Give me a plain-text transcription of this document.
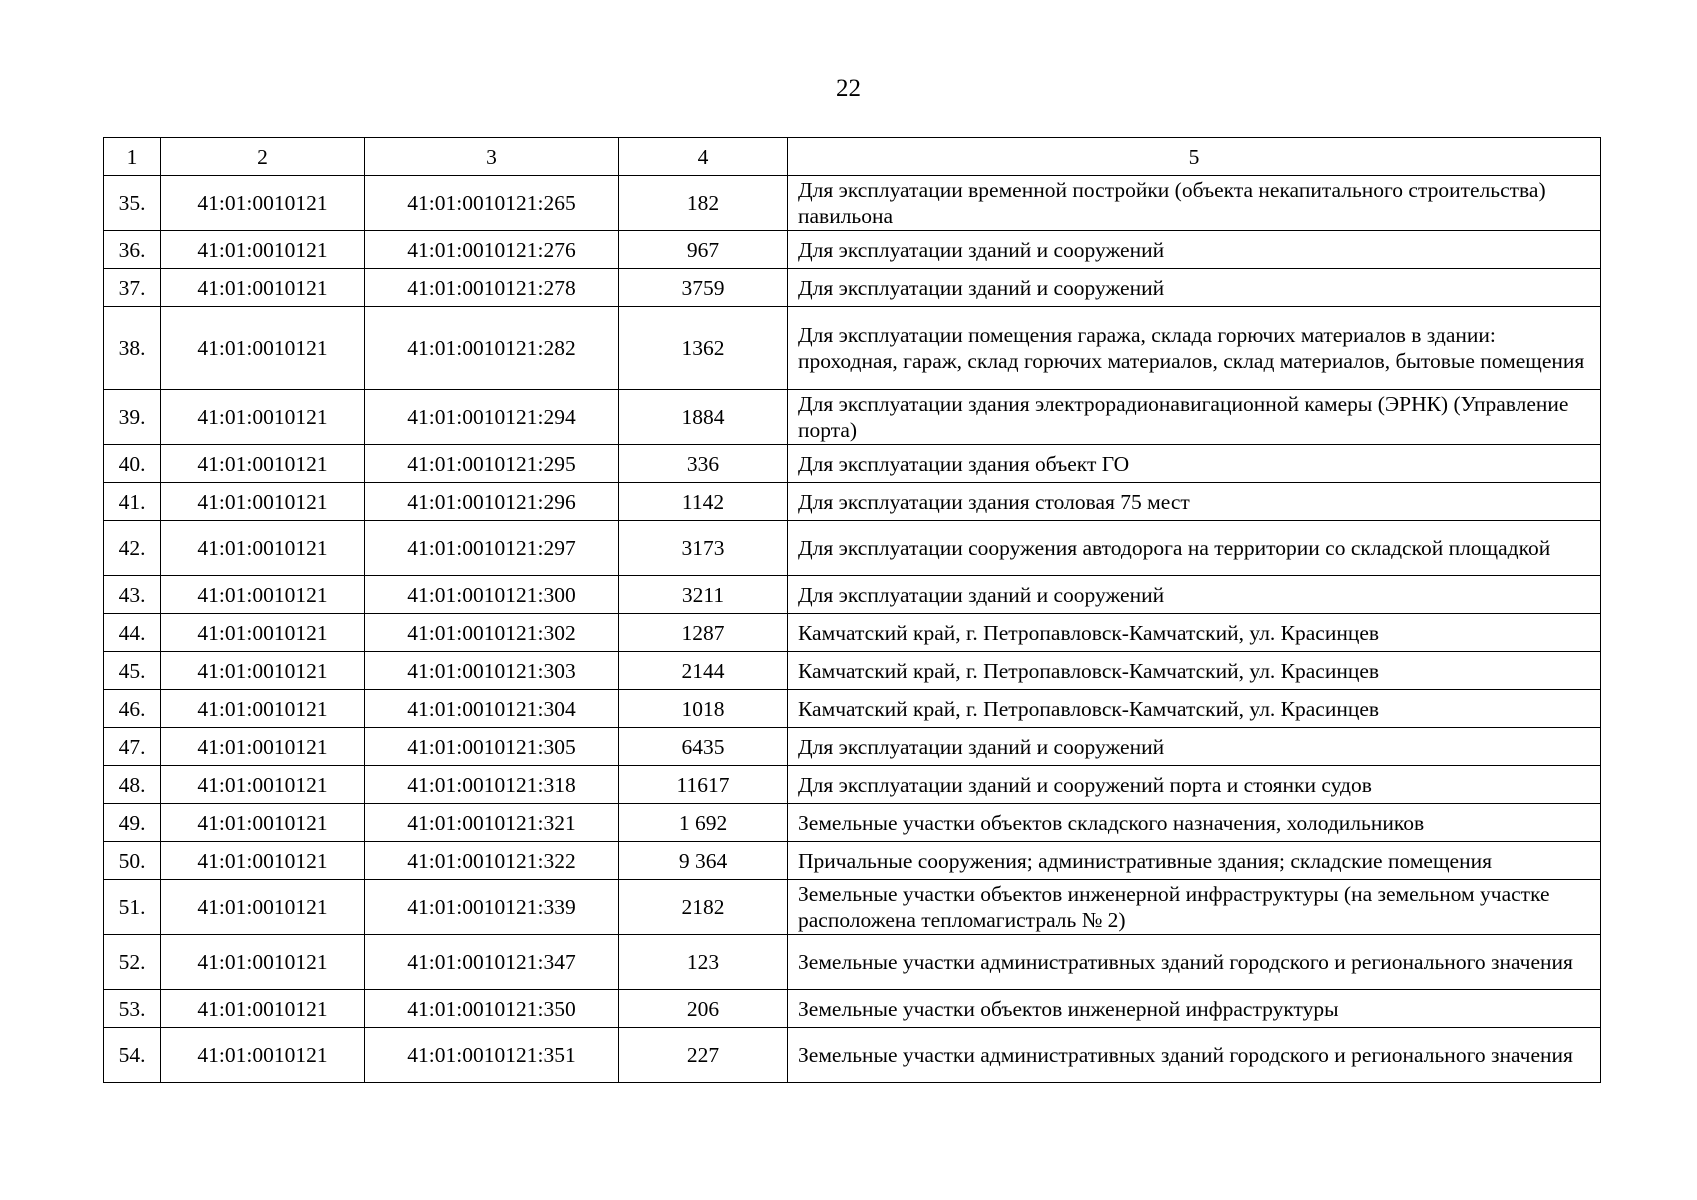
22
1	2	3	4	5
35.	41:01:0010121	41:01:0010121:265	182	Для эксплуатации временной постройки (объекта некапитального строительства) павильона
36.	41:01:0010121	41:01:0010121:276	967	Для эксплуатации зданий и сооружений
37.	41:01:0010121	41:01:0010121:278	3759	Для эксплуатации зданий и сооружений
38.	41:01:0010121	41:01:0010121:282	1362	Для эксплуатации помещения гаража, склада горючих материалов в здании: проходная, гараж, склад горючих материалов, склад материалов, бытовые помещения
39.	41:01:0010121	41:01:0010121:294	1884	Для эксплуатации здания электрорадионавигационной камеры (ЭРНК) (Управление порта)
40.	41:01:0010121	41:01:0010121:295	336	Для эксплуатации здания объект ГО
41.	41:01:0010121	41:01:0010121:296	1142	Для эксплуатации здания столовая 75 мест
42.	41:01:0010121	41:01:0010121:297	3173	Для эксплуатации сооружения автодорога на территории со складской площадкой
43.	41:01:0010121	41:01:0010121:300	3211	Для эксплуатации зданий и сооружений
44.	41:01:0010121	41:01:0010121:302	1287	Камчатский край, г. Петропавловск-Камчатский, ул. Красинцев
45.	41:01:0010121	41:01:0010121:303	2144	Камчатский край, г. Петропавловск-Камчатский, ул. Красинцев
46.	41:01:0010121	41:01:0010121:304	1018	Камчатский край, г. Петропавловск-Камчатский, ул. Красинцев
47.	41:01:0010121	41:01:0010121:305	6435	Для эксплуатации зданий и сооружений
48.	41:01:0010121	41:01:0010121:318	11617	Для эксплуатации зданий и сооружений порта и стоянки судов
49.	41:01:0010121	41:01:0010121:321	1 692	Земельные участки объектов складского назначения, холодильников
50.	41:01:0010121	41:01:0010121:322	9 364	Причальные сооружения; административные здания; складские помещения
51.	41:01:0010121	41:01:0010121:339	2182	Земельные участки объектов инженерной инфраструктуры (на земельном участке расположена тепломагистраль № 2)
52.	41:01:0010121	41:01:0010121:347	123	Земельные участки административных зданий городского и регионального значения
53.	41:01:0010121	41:01:0010121:350	206	Земельные участки объектов инженерной инфраструктуры
54.	41:01:0010121	41:01:0010121:351	227	Земельные участки административных зданий городского и регионального значения
